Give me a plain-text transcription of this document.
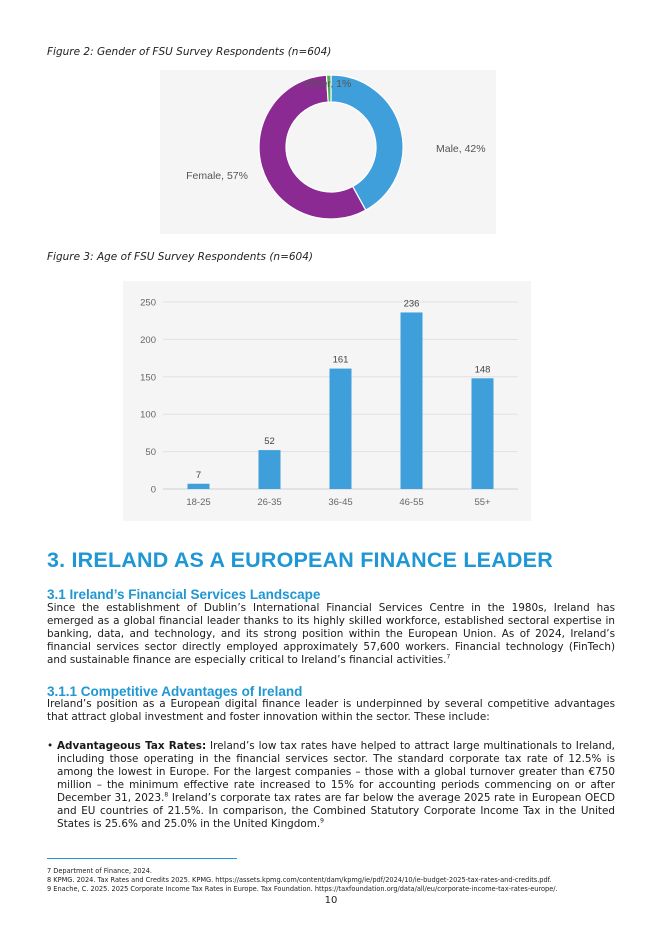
Figure 2: Gender of FSU Survey Respondents (n=604)
Male, 42%
Female, 57%
Other, 1%
Figure 3: Age of FSU Survey Respondents (n=604)
0
50
100
150
200
250
7
18-25
52
26-35
161
36-45
236
46-55
148
55+
3. IRELAND AS A EUROPEAN FINANCE LEADER
3.1 Ireland’s Financial Services Landscape
Since the establishment of Dublin’s International Financial Services Centre in the 1980s, Ireland has emerged as a global financial leader thanks to its highly skilled workforce, established sectoral expertise in banking, data, and technology, and its strong position within the European Union. As of 2024, Ireland’s financial services sector directly employed approximately 57,600 workers. Financial technology (FinTech) and sustainable finance are especially critical to Ireland’s financial activities.$^7$
3.1.1 Competitive Advantages of Ireland
Ireland’s position as a European digital finance leader is underpinned by several competitive advantages that attract global investment and foster innovation within the sector. These include:
• Advantageous Tax Rates: Ireland’s low tax rates have helped to attract large multinationals to Ireland, including those operating in the financial services sector. The standard corporate tax rate of 12.5% is among the lowest in Europe. For the largest companies – those with a global turnover greater than €750 million – the minimum effective rate increased to 15% for accounting periods commencing on or after December 31, 2023.$^8$ Ireland’s corporate tax rates are far below the average 2025 rate in European OECD and EU countries of 21.5%. In comparison, the Combined Statutory Corporate Income Tax in the United States is 25.6% and 25.0% in the United Kingdom.$^9$
7 Department of Finance, 2024.
8 KPMG. 2024. Tax Rates and Credits 2025. KPMG. https://assets.kpmg.com/content/dam/kpmg/ie/pdf/2024/10/ie-budget-2025-tax-rates-and-credits.pdf.
9 Enache, C. 2025. 2025 Corporate Income Tax Rates in Europe. Tax Foundation. https://taxfoundation.org/data/all/eu/corporate-income-tax-rates-europe/.
10
